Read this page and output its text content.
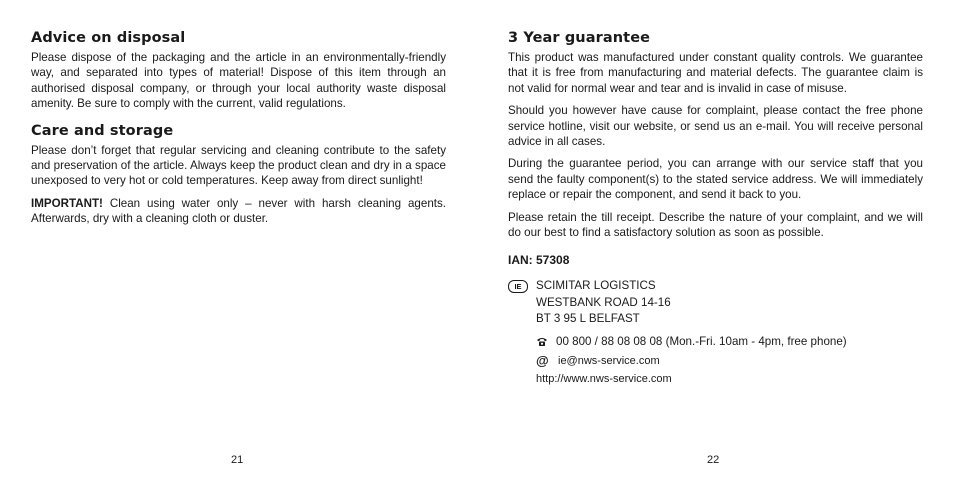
Advice on disposal

Please dispose of the packaging and the article in an environmentally-friendly way, and separated into types of material! Dispose of this item through an authorised disposal company, or through your local authority waste disposal amenity. Be sure to comply with the current, valid regulations.

Care and storage

Please don’t forget that regular servicing and cleaning contribute to the safety and preservation of the article. Always keep the product clean and dry in a space unexposed to very hot or cold temperatures. Keep away from direct sunlight!

IMPORTANT! Clean using water only – never with harsh cleaning agents. Afterwards, dry with a cleaning cloth or duster.

3 Year guarantee

This product was manufactured under constant quality controls. We guarantee that it is free from manufacturing and material defects. The guarantee claim is not valid for normal wear and tear and is invalid in case of misuse.

Should you however have cause for complaint, please contact the free phone service hotline, visit our website, or send us an e-mail. You will receive personal advice in all cases.

During the guarantee period, you can arrange with our service staff that you send the faulty component(s) to the stated service address. We will immediately replace or repair the component, and send it back to you.

Please retain the till receipt. Describe the nature of your complaint, and we will do our best to find a satisfactory solution as soon as possible.

IAN: 57308
IE	SCIMITAR LOGISTICS
WESTBANK ROAD 14-16
BT 3 95 L BELFAST
00 800 / 88 08 08 08 (Mon.-Fri. 10am - 4pm, free phone)
@ ie@nws-service.com
http://www.nws-service.com
21	22
